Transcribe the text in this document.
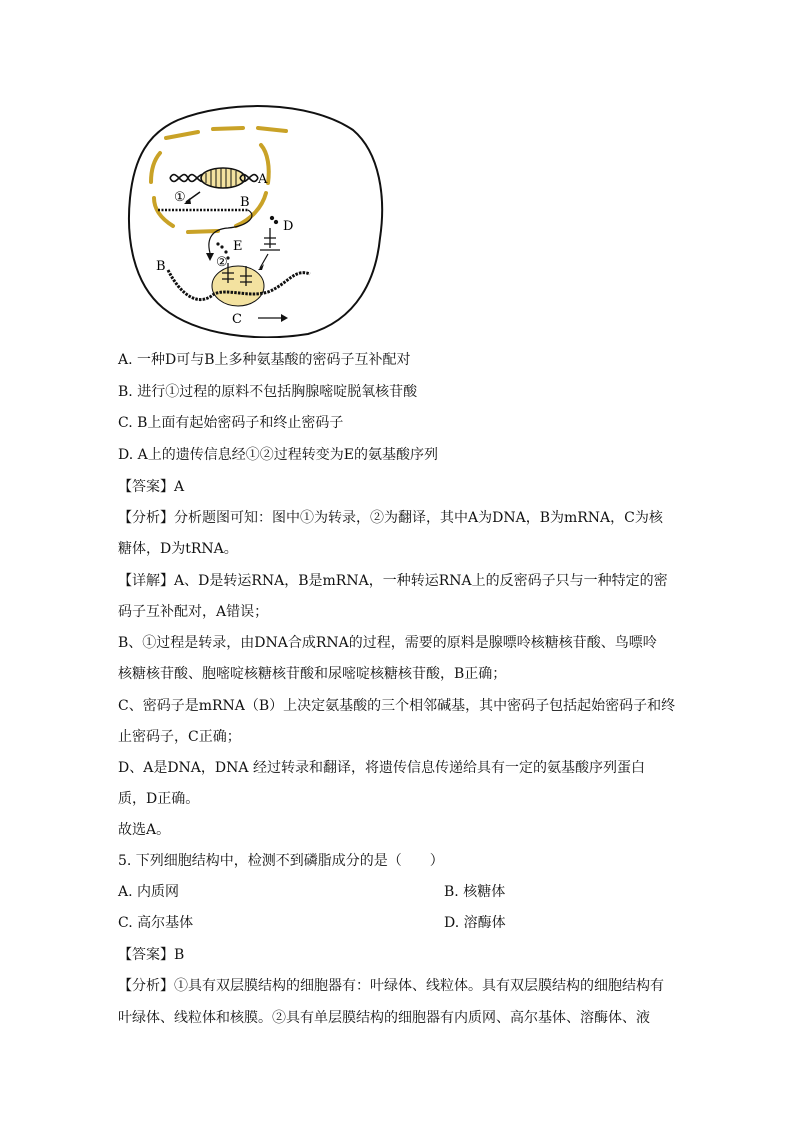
①
A
B
D
E
②
B
C
A. 一种D可与B上多种氨基酸的密码子互补配对
B. 进行①过程的原料不包括胸腺嘧啶脱氧核苷酸
C. B上面有起始密码子和终止密码子
D. A上的遗传信息经①②过程转变为E的氨基酸序列
【答案】A
【分析】分析题图可知：图中①为转录，②为翻译，其中A为DNA，B为mRNA，C为核
糖体，D为tRNA。
【详解】A、D是转运RNA，B是mRNA，一种转运RNA上的反密码子只与一种特定的密
码子互补配对，A错误；
B、①过程是转录，由DNA合成RNA的过程，需要的原料是腺嘌呤核糖核苷酸、鸟嘌呤
核糖核苷酸、胞嘧啶核糖核苷酸和尿嘧啶核糖核苷酸，B正确；
C、密码子是mRNA（B）上决定氨基酸的三个相邻碱基，其中密码子包括起始密码子和终
止密码子，C正确；
D、A是DNA，DNA 经过转录和翻译，将遗传信息传递给具有一定的氨基酸序列蛋白
质，D正确。
故选A。
5. 下列细胞结构中，检测不到磷脂成分的是（　　）
A. 内质网	B. 核糖体
C. 高尔基体	D. 溶酶体
【答案】B
【分析】①具有双层膜结构的细胞器有：叶绿体、线粒体。具有双层膜结构的细胞结构有
叶绿体、线粒体和核膜。②具有单层膜结构的细胞器有内质网、高尔基体、溶酶体、液
